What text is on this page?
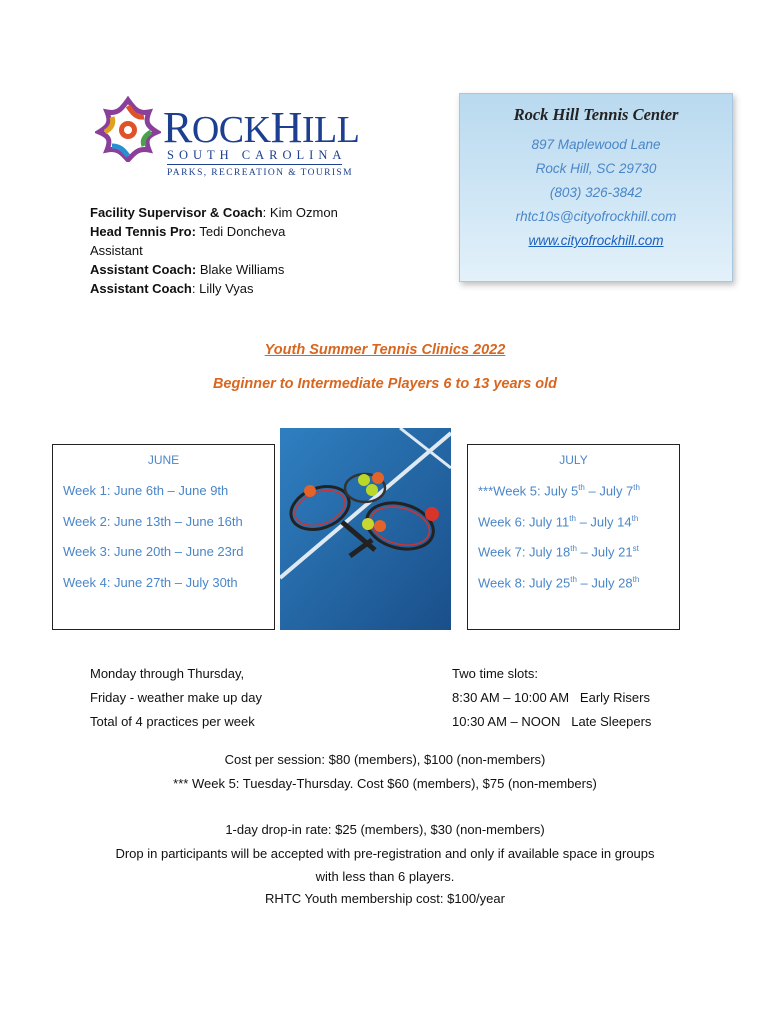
ROCKHILL
SOUTH CAROLINA
PARKS, RECREATION & TOURISM
Facility Supervisor & Coach: Kim Ozmon
Head Tennis Pro: Tedi Doncheva
Assistant
Assistant Coach: Blake Williams
Assistant Coach: Lilly Vyas
Rock Hill Tennis Center
897 Maplewood Lane
Rock Hill, SC 29730
(803) 326-3842
rhtc10s@cityofrockhill.com
www.cityofrockhill.com
Youth Summer Tennis Clinics 2022
Beginner to Intermediate Players 6 to 13 years old
JUNE
Week 1: June 6th – June 9th
Week 2: June 13th – June 16th
Week 3: June 20th – June 23rd
Week 4: June 27th – July 30th
JULY
***Week 5: July 5th – July 7th
Week 6: July 11th – July 14th
Week 7: July 18th – July 21st
Week 8: July 25th – July 28th
Monday through Thursday,
Friday - weather make up day
Total of 4 practices per week
Two time slots:
8:30 AM – 10:00 AM   Early Risers
10:30 AM – NOON   Late Sleepers
Cost per session: $80 (members), $100 (non-members)
*** Week 5: Tuesday-Thursday. Cost $60 (members), $75 (non-members)
1-day drop-in rate: $25 (members), $30 (non-members)
Drop in participants will be accepted with pre-registration and only if available space in groups
with less than 6 players.
RHTC Youth membership cost: $100/year
